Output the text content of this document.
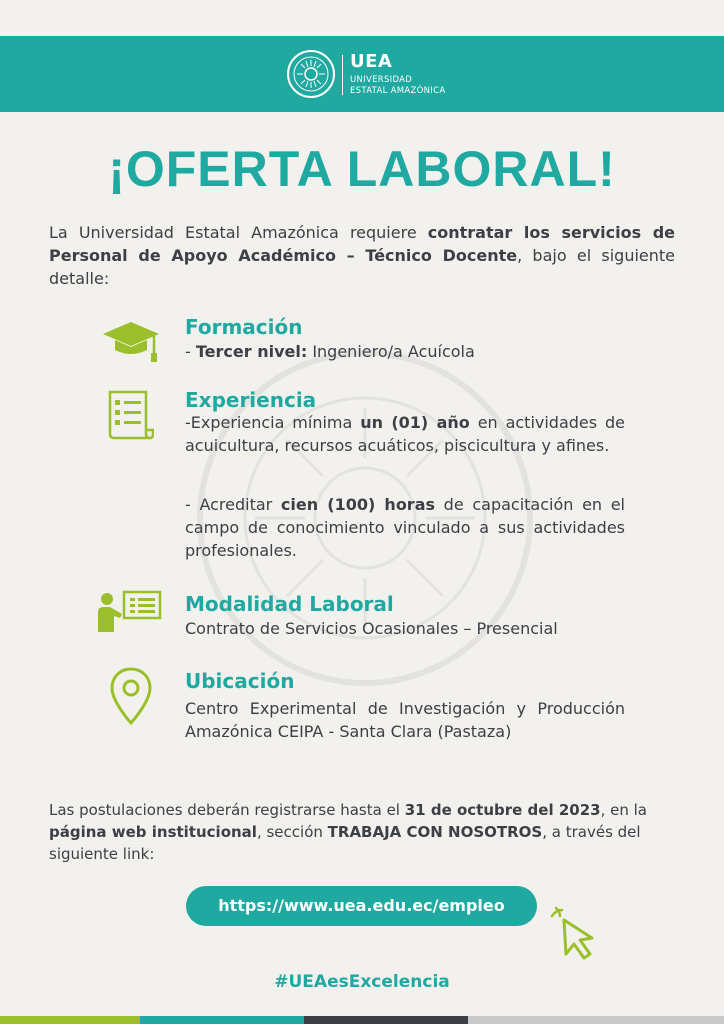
UEA
UNIVERSIDAD
ESTATAL AMAZÓNICA
¡OFERTA LABORAL!
La Universidad Estatal Amazónica requiere contratar los servicios de Personal de Apoyo Académico – Técnico Docente, bajo el siguiente detalle:
Formación
- Tercer nivel: Ingeniero/a Acuícola
Experiencia
-Experiencia mínima un (01) año en actividades de acuicultura, recursos acuáticos, piscicultura y afines.
- Acreditar cien (100) horas de capacitación en el campo de conocimiento vinculado a sus actividades profesionales.
Modalidad Laboral
Contrato de Servicios Ocasionales – Presencial
Ubicación
Centro Experimental de Investigación y Producción Amazónica CEIPA - Santa Clara (Pastaza)
Las postulaciones deberán registrarse hasta el 31 de octubre del 2023, en la página web institucional, sección TRABAJA CON NOSOTROS, a través del siguiente link:
https://www.uea.edu.ec/empleo
#UEAesExcelencia
